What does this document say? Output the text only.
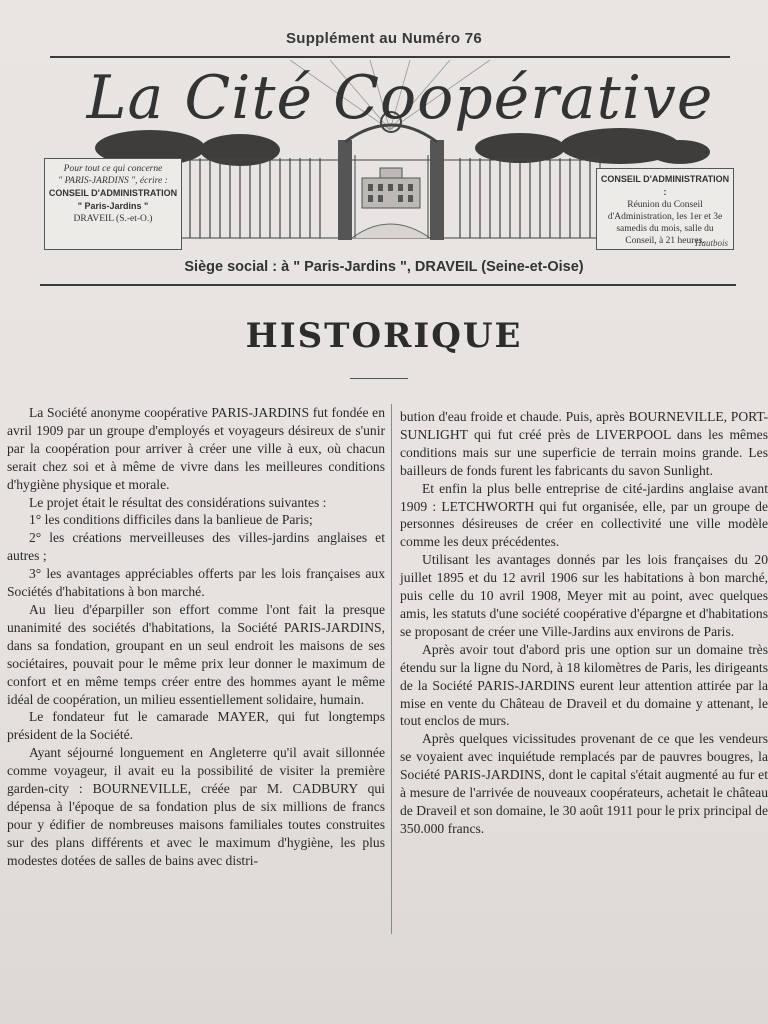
Supplément au Numéro 76
La Cité Coopérative
Pour tout ce qui concerne
" PARIS-JARDINS ", écrire :
CONSEIL D'ADMINISTRATION
" Paris-Jardins "
DRAVEIL (S.-et-O.)
CONSEIL D'ADMINISTRATION :
Réunion du Conseil d'Administration, les 1er et 3e samedis du mois, salle du Conseil, à 21 heures.
Hautbois
Siège social : à " Paris-Jardins ", DRAVEIL (Seine-et-Oise)
HISTORIQUE

La Société anonyme coopérative PARIS-JARDINS fut fondée en avril 1909 par un groupe d'employés et voyageurs désireux de s'unir par la coopération pour arriver à créer une ville à eux, où chacun serait chez soi et à même de vivre dans les meilleures conditions d'hygiène physique et morale.

Le projet était le résultat des considérations suivantes :

1° les conditions difficiles dans la banlieue de Paris;

2° les créations merveilleuses des villes-jardins anglaises et autres ;

3° les avantages appréciables offerts par les lois françaises aux Sociétés d'habitations à bon marché.

Au lieu d'éparpiller son effort comme l'ont fait la presque unanimité des sociétés d'habitations, la Société PARIS-JARDINS, dans sa fondation, groupant en un seul endroit les maisons de ses sociétaires, pouvait pour le même prix leur donner le maximum de confort et en même temps créer entre des hommes ayant le même idéal de coopération, un milieu essentiellement solidaire, humain.

Le fondateur fut le camarade MAYER, qui fut longtemps président de la Société.

Ayant séjourné longuement en Angleterre qu'il avait sillonnée comme voyageur, il avait eu la possibilité de visiter la première garden-city : BOURNEVILLE, créée par M. CADBURY qui dépensa à l'époque de sa fondation plus de six millions de francs pour y édifier de nombreuses maisons familiales toutes construites sur des plans différents et avec le maximum d'hygiène, les plus modestes dotées de salles de bains avec distri-

bution d'eau froide et chaude. Puis, après BOURNEVILLE, PORT-SUNLIGHT qui fut créé près de LIVERPOOL dans les mêmes conditions mais sur une superficie de terrain moins grande. Les bailleurs de fonds furent les fabricants du savon Sunlight.

Et enfin la plus belle entreprise de cité-jardins anglaise avant 1909 : LETCHWORTH qui fut organisée, elle, par un groupe de personnes désireuses de créer en collectivité une ville modèle comme les deux précédentes.

Utilisant les avantages donnés par les lois françaises du 20 juillet 1895 et du 12 avril 1906 sur les habitations à bon marché, puis celle du 10 avril 1908, Meyer mit au point, avec quelques amis, les statuts d'une société coopérative d'épargne et d'habitations se proposant de créer une Ville-Jardins aux environs de Paris.

Après avoir tout d'abord pris une option sur un domaine très étendu sur la ligne du Nord, à 18 kilomètres de Paris, les dirigeants de la Société PARIS-JARDINS eurent leur attention attirée par la mise en vente du Château de Draveil et du domaine y attenant, le tout enclos de murs.

Après quelques vicissitudes provenant de ce que les vendeurs se voyaient avec inquiétude remplacés par de pauvres bougres, la Société PARIS-JARDINS, dont le capital s'était augmenté au fur et à mesure de l'arrivée de nouveaux coopérateurs, achetait le château de Draveil et son domaine, le 30 août 1911 pour le prix principal de 350.000 francs.
